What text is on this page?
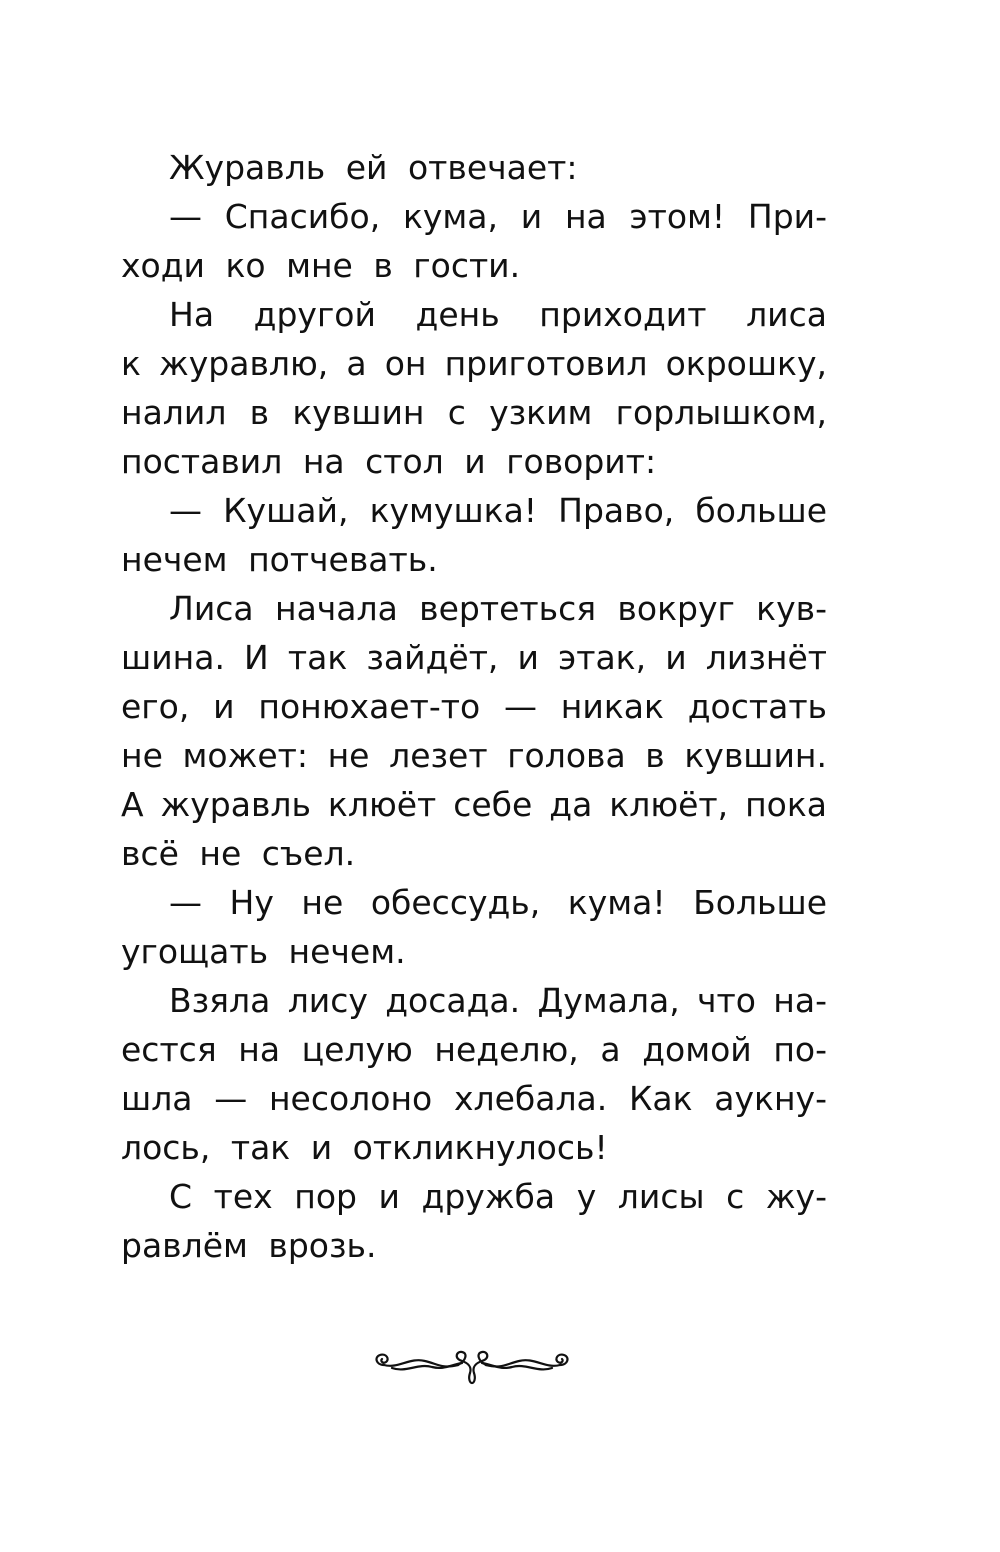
Журавль ей отвечает:
— Спасибо, кума, и на этом! При-
ходи ко мне в гости.
На другой день приходит лиса
к журавлю, а он приготовил окрошку,
налил в кувшин с узким горлышком,
поставил на стол и говорит:
— Кушай, кумушка! Право, больше
нечем потчевать.
Лиса начала вертеться вокруг кув-
шина. И так зайдёт, и этак, и лизнёт
его, и понюхает-то — никак достать
не может: не лезет голова в кувшин.
А журавль клюёт себе да клюёт, пока
всё не съел.
— Ну не обессудь, кума! Больше
угощать нечем.
Взяла лису досада. Думала, что на-
естся на целую неделю, а домой по-
шла — несолоно хлебала. Как аукну-
лось, так и откликнулось!
С тех пор и дружба у лисы с жу-
равлём врозь.
